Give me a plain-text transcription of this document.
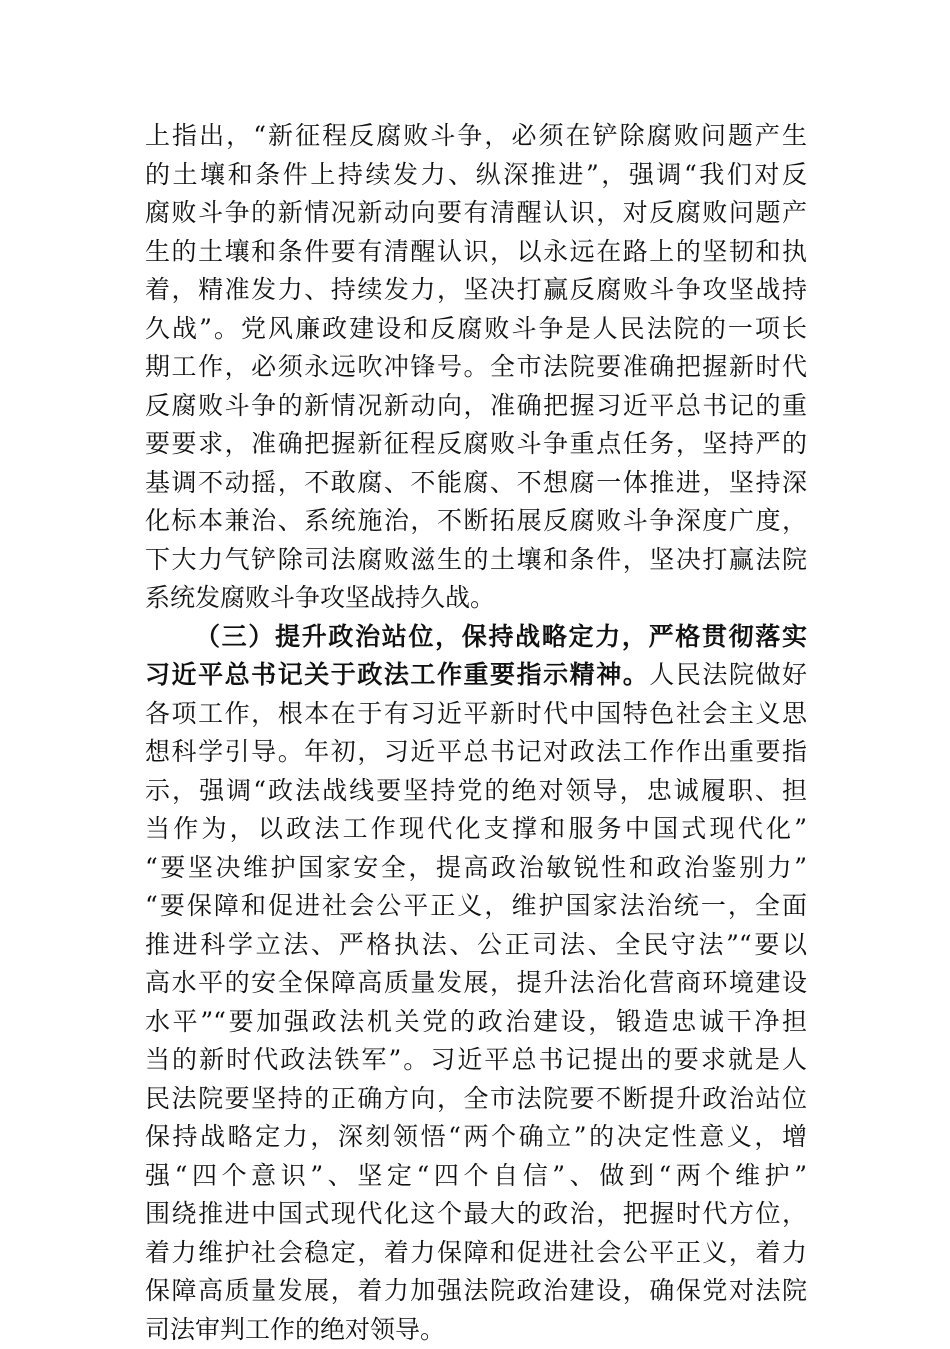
上指出，“新征程反腐败斗争，必须在铲除腐败问题产生
的土壤和条件上持续发力、纵深推进”，强调“我们对反
腐败斗争的新情况新动向要有清醒认识，对反腐败问题产
生的土壤和条件要有清醒认识，以永远在路上的坚韧和执
着，精准发力、持续发力，坚决打赢反腐败斗争攻坚战持
久战”。党风廉政建设和反腐败斗争是人民法院的一项长
期工作，必须永远吹冲锋号。全市法院要准确把握新时代
反腐败斗争的新情况新动向，准确把握习近平总书记的重
要要求，准确把握新征程反腐败斗争重点任务，坚持严的
基调不动摇，不敢腐、不能腐、不想腐一体推进，坚持深
化标本兼治、系统施治，不断拓展反腐败斗争深度广度，
下大力气铲除司法腐败滋生的土壤和条件，坚决打赢法院
系统发腐败斗争攻坚战持久战。
（三）提升政治站位，保持战略定力，严格贯彻落实
习近平总书记关于政法工作重要指示精神。人民法院做好
各项工作，根本在于有习近平新时代中国特色社会主义思
想科学引导。年初，习近平总书记对政法工作作出重要指
示，强调“政法战线要坚持党的绝对领导，忠诚履职、担
当作为，以政法工作现代化支撑和服务中国式现代化”
“要坚决维护国家安全，提高政治敏锐性和政治鉴别力”
“要保障和促进社会公平正义，维护国家法治统一，全面
推进科学立法、严格执法、公正司法、全民守法”“要以
高水平的安全保障高质量发展，提升法治化营商环境建设
水平”“要加强政法机关党的政治建设，锻造忠诚干净担
当的新时代政法铁军”。习近平总书记提出的要求就是人
民法院要坚持的正确方向，全市法院要不断提升政治站位
保持战略定力，深刻领悟“两个确立”的决定性意义，增
强“四个意识”、坚定“四个自信”、做到“两个维护”
围绕推进中国式现代化这个最大的政治，把握时代方位，
着力维护社会稳定，着力保障和促进社会公平正义，着力
保障高质量发展，着力加强法院政治建设，确保党对法院
司法审判工作的绝对领导。
